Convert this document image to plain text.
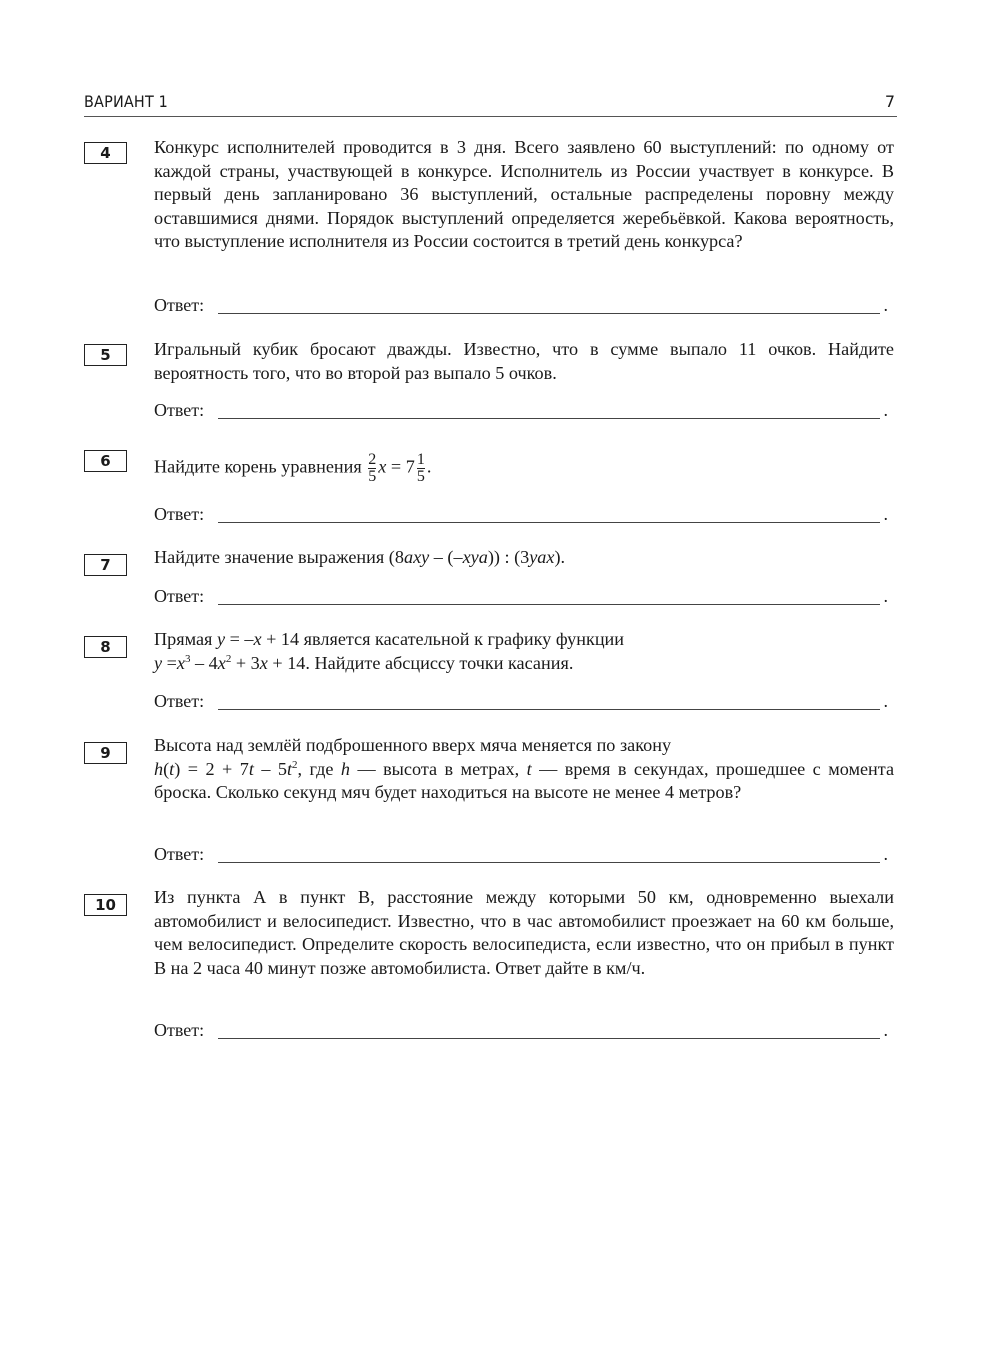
ВАРИАНТ 1	7
4	Конкурс исполнителей проводится в 3 дня. Всего заявлено 60 выступлений: по одному от каждой страны, участвующей в конкурсе. Исполнитель из России участвует в конкурсе. В первый день запланировано 36 выступлений, остальные распределены поровну между оставшимися днями. Порядок выступлений определяется жеребьёвкой. Какова вероятность, что выступление исполнителя из России состоится в третий день конкурса?
Ответ:	.
5	Игральный кубик бросают дважды. Известно, что в сумме выпало 11 очков. Найдите вероятность того, что во второй раз выпало 5 очков.
Ответ:	.
6	Найдите корень уравнения $\frac{2}{5}$ $x = 7 \frac{1}{5}$ .
Ответ:	.
7	Найдите значение выражения (8axy – (–xya)) : (3yax).
Ответ:	.
8	Прямая y = –x + 14 является касательной к графику функции
$y =x^3 - 4x^2 + 3x + 14$. Найдите абсциссу точки касания.
Ответ:	.
9	Высота над землёй подброшенного вверх мяча меняется по закону
$h(t) = 2 + 7t - 5t^2$, где h — высота в метрах, t — время в секундах, прошедшее с момента броска. Сколько секунд мяч будет находиться на высоте не менее 4 метров?
Ответ:	.
10	Из пункта А в пункт В, расстояние между которыми 50 км, одновременно выехали автомобилист и велосипедист. Известно, что в час автомобилист проезжает на 60 км больше, чем велосипедист. Определите скорость велосипедиста, если известно, что он прибыл в пункт В на 2 часа 40 минут позже автомобилиста. Ответ дайте в км/ч.
Ответ:	.
